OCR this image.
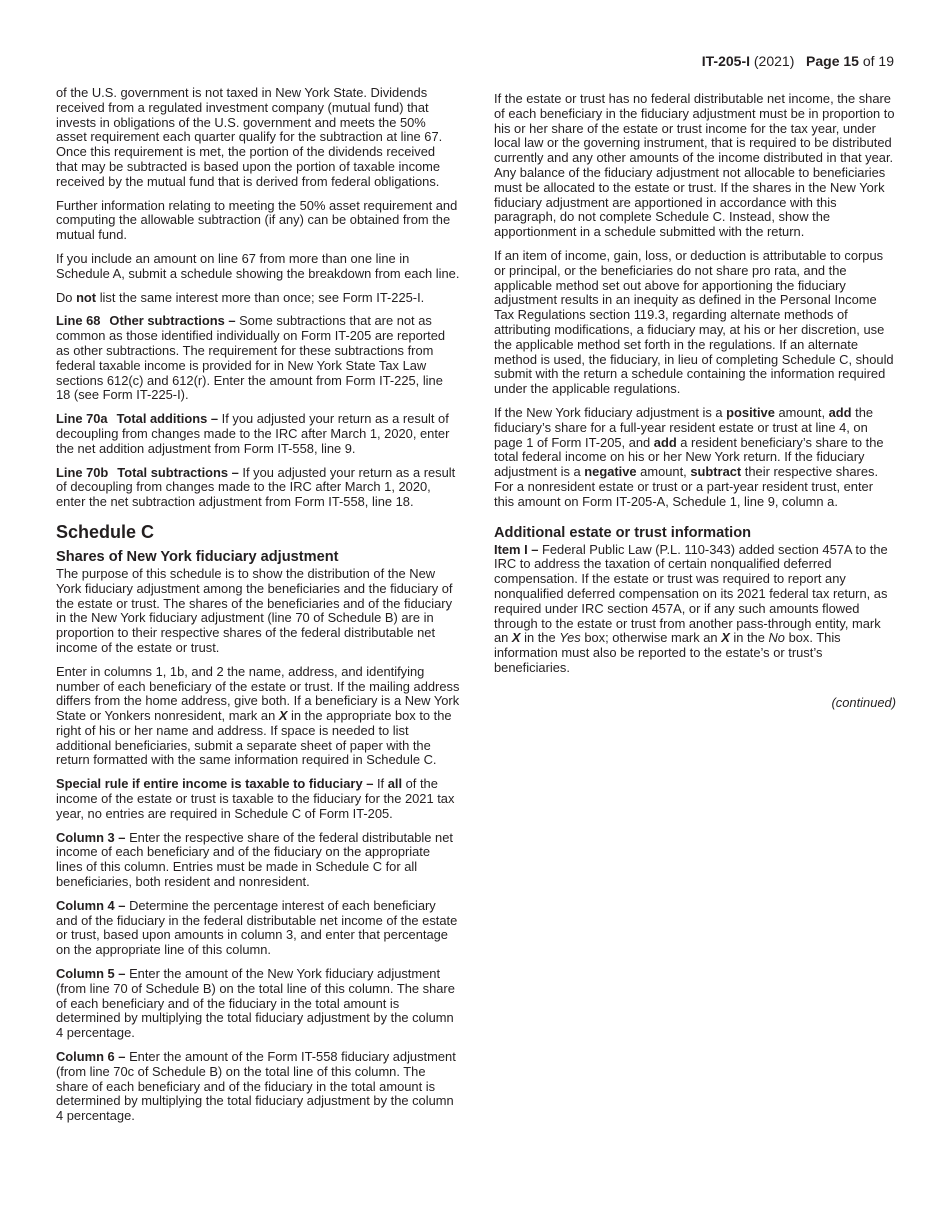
IT-205-I (2021) Page 15 of 19

of the U.S. government is not taxed in New York State. Dividends received from a regulated investment company (mutual fund) that invests in obligations of the U.S. government and meets the 50% asset requirement each quarter qualify for the subtraction at line 67. Once this requirement is met, the portion of the dividends received that may be subtracted is based upon the portion of taxable income received by the mutual fund that is derived from federal obligations.

Further information relating to meeting the 50% asset requirement and computing the allowable subtraction (if any) can be obtained from the mutual fund.

If you include an amount on line 67 from more than one line in Schedule A, submit a schedule showing the breakdown from each line.

Do not list the same interest more than once; see Form IT-225-I.

Line 68 Other subtractions – Some subtractions that are not as common as those identified individually on Form IT-205 are reported as other subtractions. The requirement for these subtractions from federal taxable income is provided for in New York State Tax Law sections 612(c) and 612(r). Enter the amount from Form IT-225, line 18 (see Form IT-225-I).

Line 70a Total additions – If you adjusted your return as a result of decoupling from changes made to the IRC after March 1, 2020, enter the net addition adjustment from Form IT-558, line 9.

Line 70b Total subtractions – If you adjusted your return as a result of decoupling from changes made to the IRC after March 1, 2020, enter the net subtraction adjustment from Form IT-558, line 18.

Schedule C
Shares of New York fiduciary adjustment

The purpose of this schedule is to show the distribution of the New York fiduciary adjustment among the beneficiaries and the fiduciary of the estate or trust. The shares of the beneficiaries and of the fiduciary in the New York fiduciary adjustment (line 70 of Schedule B) are in proportion to their respective shares of the federal distributable net income of the estate or trust.

Enter in columns 1, 1b, and 2 the name, address, and identifying number of each beneficiary of the estate or trust. If the mailing address differs from the home address, give both. If a beneficiary is a New York State or Yonkers nonresident, mark an X in the appropriate box to the right of his or her name and address. If space is needed to list additional beneficiaries, submit a separate sheet of paper with the return formatted with the same information required in Schedule C.

Special rule if entire income is taxable to fiduciary – If all of the income of the estate or trust is taxable to the fiduciary for the 2021 tax year, no entries are required in Schedule C of Form IT-205.

Column 3 – Enter the respective share of the federal distributable net income of each beneficiary and of the fiduciary on the appropriate lines of this column. Entries must be made in Schedule C for all beneficiaries, both resident and nonresident.

Column 4 – Determine the percentage interest of each beneficiary and of the fiduciary in the federal distributable net income of the estate or trust, based upon amounts in column 3, and enter that percentage on the appropriate line of this column.

Column 5 – Enter the amount of the New York fiduciary adjustment (from line 70 of Schedule B) on the total line of this column. The share of each beneficiary and of the fiduciary in the total amount is determined by multiplying the total fiduciary adjustment by the column 4 percentage.

Column 6 – Enter the amount of the Form IT-558 fiduciary adjustment (from line 70c of Schedule B) on the total line of this column. The share of each beneficiary and of the fiduciary in the total amount is determined by multiplying the total fiduciary adjustment by the column 4 percentage.

If the estate or trust has no federal distributable net income, the share of each beneficiary in the fiduciary adjustment must be in proportion to his or her share of the estate or trust income for the tax year, under local law or the governing instrument, that is required to be distributed currently and any other amounts of the income distributed in that year. Any balance of the fiduciary adjustment not allocable to beneficiaries must be allocated to the estate or trust. If the shares in the New York fiduciary adjustment are apportioned in accordance with this paragraph, do not complete Schedule C. Instead, show the apportionment in a schedule submitted with the return.

If an item of income, gain, loss, or deduction is attributable to corpus or principal, or the beneficiaries do not share pro rata, and the applicable method set out above for apportioning the fiduciary adjustment results in an inequity as defined in the Personal Income Tax Regulations section 119.3, regarding alternate methods of attributing modifications, a fiduciary may, at his or her discretion, use the applicable method set forth in the regulations. If an alternate method is used, the fiduciary, in lieu of completing Schedule C, should submit with the return a schedule containing the information required under the applicable regulations.

If the New York fiduciary adjustment is a positive amount, add the fiduciary’s share for a full-year resident estate or trust at line 4, on page 1 of Form IT-205, and add a resident beneficiary’s share to the total federal income on his or her New York return. If the fiduciary adjustment is a negative amount, subtract their respective shares. For a nonresident estate or trust or a part-year resident trust, enter this amount on Form IT-205-A, Schedule 1, line 9, column a.

Additional estate or trust information

Item I – Federal Public Law (P.L. 110-343) added section 457A to the IRC to address the taxation of certain nonqualified deferred compensation. If the estate or trust was required to report any nonqualified deferred compensation on its 2021 federal tax return, as required under IRC section 457A, or if any such amounts flowed through to the estate or trust from another pass-through entity, mark an X in the Yes box; otherwise mark an X in the No box. This information must also be reported to the estate’s or trust’s beneficiaries.

(continued)
